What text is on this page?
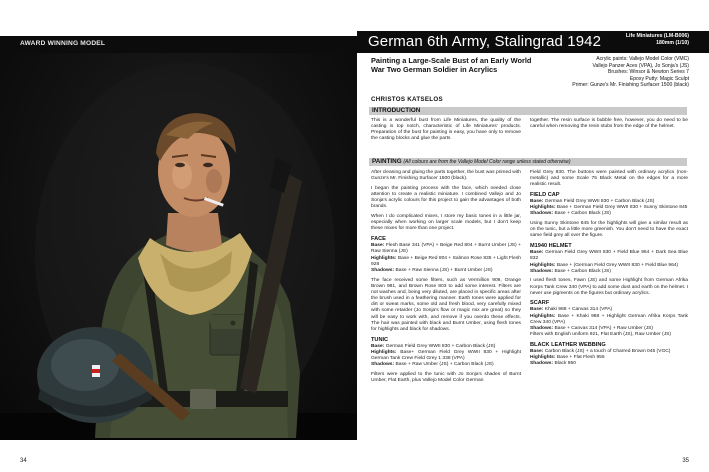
AWARD WINNING MODEL
34
German 6th Army, Stalingrad 1942	Life Miniatures (LM-B006)
180mm (1/10)
Painting a Large-Scale Bust of an Early World War Two German Soldier in Acrylics
Acrylic paints: Vallejo Model Color (VMC)
Vallejo Panzer Aces (VPA), Jo Sonja's (JS)
Brushes: Winsor & Newton Series 7
Epoxy Putty: Magic Sculpt
Primer: Gunze's Mr. Finishing Surfacer 1500 (black)
CHRISTOS KATSELOS
INTRODUCTION

This is a wonderful bust from Life Miniatures, the quality of the casting is top notch, characteristic of Life Miniatures' products. Preparation of the bust for painting is easy, you have only to remove the casting blocks and glue the parts

together. The resin surface is bubble free, however, you do need to be careful when removing the resin stubs from the edge of the helmet.

PAINTING (All colours are from the Vallejo Model Color range unless stated otherwise)

After cleaning and gluing the parts together, the bust was primed with Gunze's Mr. Finishing Surfacer 1500 (black).

I began the painting process with the face, which needed close attention to create a realistic miniature. I combined Vallejo and Jo Sonja's acrylic colours for this project to gain the advantages of both brands.

When I do complicated mixes, I store my basic tones in a little jar, especially when working on larger scale models, but I don't keep these mixes for more than one project.

FACE

Base: Flesh Base 341 (VPA) + Beige Red 804 + Burnt Umber (JS) + Raw Sienna (JS)

Highlights: Base + Beige Red 804 + Salmon Rose 835 + Light Flesh 928

Shadows: Base + Raw Sienna (JS) + Burnt Umber (JS)

The face received some filters, such as Vermillion 909, Orange Brown 981, and Brown Rose 803 to add some interest. Filters are not washes and, being very diluted, are placed in specific areas after the brush used in a feathering manner. Earth tones were applied for dirt or sweat marks, some old and fresh blood, very carefully mixed with some retarder (Jo Sonja's flow or magic mix are great) so they will be easy to work with, and remove if you overdo these effects. The hair was painted with black and Burnt Umber, using flesh tones for highlights and black for shadows.

TUNIC

Base: German Field Grey WWII 830 + Carbon Black (JS)

Highlights: Base+ German Field Grey WWII 830 + Highlight German Tank Crew Field Grey 1 338 (VPA)

Shadows: Base + Raw Umber (JS) + Carbon Black (JS)

Filters were applied to the tunic with Jo Sonja's shades of Burnt Umber, Flat Earth, plus Vallejo Model Color German

Field Grey 830. The buttons were painted with ordinary acrylics (non-metallic) and some Scale 75 Black Metal on the edges for a more realistic result.

FIELD CAP

Base: German Field Grey WWII 830 + Carbon Black (JS)

Highlights: Base + German Field Grey WWII 830 + Sunny Skintone 845

Shadows: Base + Carbon Black (JS)

Using Sunny Skintone 845 for the highlights will give a similar result as on the tunic, but a little more greenish. You don't need to have the exact same field grey all over the figure.

M1940 HELMET

Base: German Field Grey WWII 830 + Field Blue 964 + Dark Sea Blue 832

Highlights: Base + (German Field Grey WWII 830 + Field Blue 964)

Shadows: Base + Carbon Black (JS)

I used flesh tones, Fawn (JS) and some Highlight from German Afrika Korps Tank Crew 340 (VPA) to add some dust and earth on the helmet. I never use pigments on the figures but ordinary acrylics.

SCARF

Base: Khaki 988 + Canvas 314 (VPA)

Highlights: Base + Khaki 988 + Highlight German Afrika Korps Tank Crew 340 (VPA)

Shadows: Base + Canvas 314 (VPA) + Raw Umber (JS)

Filters with English uniform 921, Flat Earth (JS), Raw Umber (JS)

BLACK LEATHER WEBBING

Base: Carbon Black (JS) + a touch of Charred Brown 045 (VGC)

Highlights: Base + Flat Flesh 955

Shadows: Black 950

35
